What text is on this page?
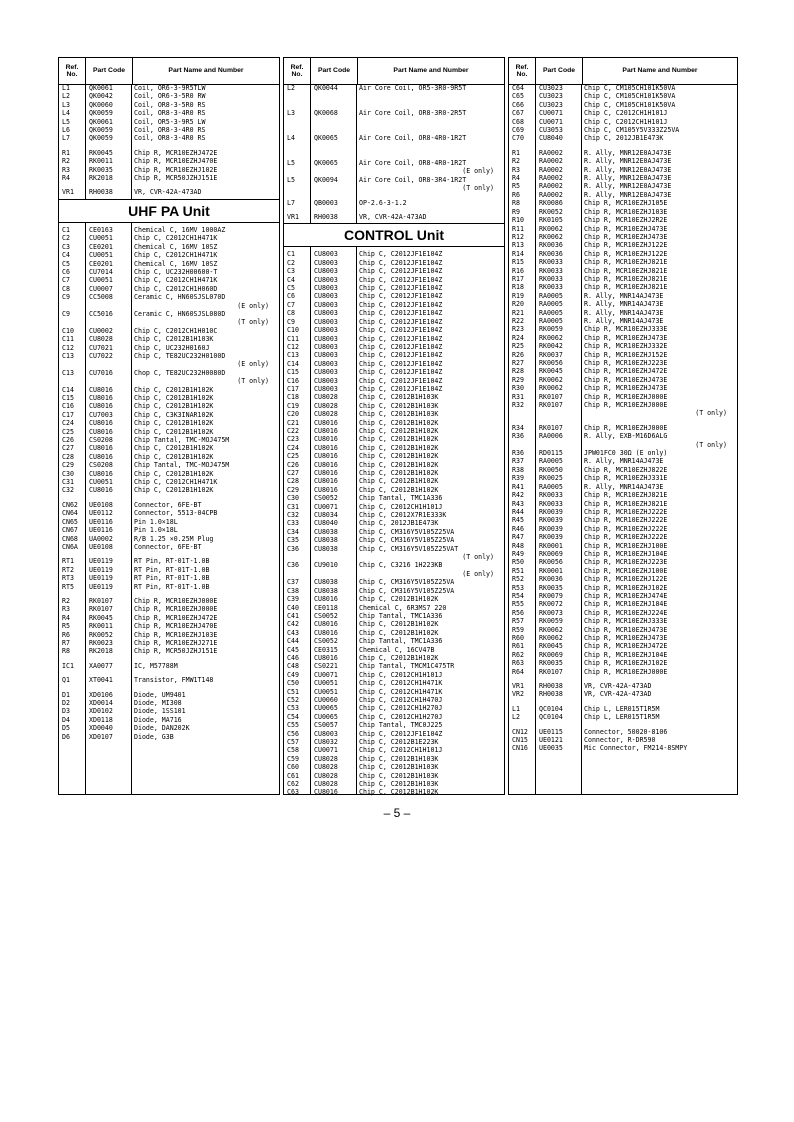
Ref.
No.
Part Code	Part Name and Number
L1	QK0061	Coil, OR6-3-9R5TLW
L2	QK0042	Coil, OR6-3-5R0 RW
L3	QK0060	Coil, OR8-3-5R0 RS
L4	QK0059	Coil, OR8-3-4R0 RS
L5	QK0061	Coil, OR5-3-9R5 LW
L6	QK0059	Coil, OR8-3-4R0 RS
L7	QK0059	Coil, OR8-3-4R0 RS
R1	RK0045	Chip R, MCR10EZHJ472E
R2	RK0011	Chip R, MCR10EZHJ470E
R3	RK0035	Chip R, MCR10EZHJ102E
R4	RK2018	Chip R, MCR50JZHJ151E
VR1	RH0038	VR, CVR-42A-473AD
UHF PA Unit
C1	CE0163	Chemical C, 16MV 1000AZ
C2	CU0051	Chip C, C2012CH1H471K
C3	CE0201	Chemical C, 16MV 10SZ
C4	CU0051	Chip C, C2012CH1H471K
C5	CE0201	Chemical C, 16MV 10SZ
C6	CU7014	Chip C, UC232H00600-T
C7	CU0051	Chip C, C2012CH1H471K
C8	CU0007	Chip C, C2012CH1H060D
C9	CC5008	Ceramic C, HN60SJSL070D
(E only)
C9	CC5016	Ceramic C, HN60SJSL080D
(T only)
C10	CU0002	Chip C, C2012CH1H010C
C11	CU8028	Chip C, C2012B1H103K
C12	CU7021	Chip C, UC232H0160J
C13	CU7022	Chip C, TE82UC232H0100D
(E only)
C13	CU7016	Chop C, TE82UC232H0080D
(T only)
C14	CU8016	Chip C, C2012B1H102K
C15	CU8016	Chip C, C2012B1H102K
C16	CU8016	Chip C, C2012B1H102K
C17	CU7003	Chip C, C3K3INAR102K
C24	CU8016	Chip C, C2012B1H102K
C25	CU8016	Chip C, C2012B1H102K
C26	CS0208	Chip Tantal, TMC-MOJ475M
C27	CU8016	Chip C, C2012B1H102K
C28	CU8016	Chip C, C2012B1H102K
C29	CS0208	Chip Tantal, TMC-MOJ475M
C30	CU8016	Chip C, C2012B1H102K
C31	CU0051	Chip C, C2012CH1H471K
C32	CU8016	Chip C, C2012B1H102K
CN62	UE0108	Connector, 6FE-BT
CN64	UE0112	Connector, 5513-04CPB
CN65	UE0116	Pin 1.0×18L
CN67	UE0116	Pin 1.0×18L
CN68	UA0002	R/B 1.25 ×0.25M Plug
CN6A	UE0108	Connector, 6FE-BT
RT1	UE0119	RT Pin, RT-01T-1.0B
RT2	UE0119	RT Pin, RT-01T-1.0B
RT3	UE0119	RT Pin, RT-01T-1.0B
RT5	UE0119	RT Pin, RT-01T-1.0B
R2	RK0107	Chip R, MCR10EZHJ000E
R3	RK0107	Chip R, MCR10EZHJ000E
R4	RK0045	Chip R, MCR10EZHJ472E
R5	RK0011	Chip R, MCR10EZHJ470E
R6	RK0052	Chip R, MCR10EZHJ103E
R7	RK0023	Chip R, MCR10EZHJ271E
R8	RK2018	Chip R, MCR50JZHJ151E
IC1	XA0077	IC, M57788M
Q1	XT0041	Transistor, FMW1T148
D1	XD0106	Diode, UM9401
D2	XD0014	Diode, MI308
D3	XD0102	Diode, 1SS101
D4	XD0118	Diode, MA716
D5	XD0040	Diode, DAN202K
D6	XD0107	Diode, G3B
Ref.
No.
Part Code	Part Name and Number
L2	QK0044	Air Core Coil, OR5-3R0-9R5T
L3	QK0068	Air Core Coil, OR8-3R0-2R5T
L4	QK0065	Air Core Coil, OR8-4R0-1R2T
L5	QK0065	Air Core Coil, OR8-4R0-1R2T
(E only)
L5	QK0094	Air Core Coil, OR8-3R4-1R2T
(T only)
L7	QB0003	OP-2.6-3-1.2
VR1	RH0038	VR, CVR-42A-473AD
CONTROL Unit
C1	CU8003	Chip C, C2012JF1E104Z
C2	CU8003	Chip C, C2012JF1E104Z
C3	CU8003	Chip C, C2012JF1E104Z
C4	CU8003	Chip C, C2012JF1E104Z
C5	CU8003	Chip C, C2012JF1E104Z
C6	CU8003	Chip C, C2012JF1E104Z
C7	CU8003	Chip C, C2012JF1E104Z
C8	CU8003	Chip C, C2012JF1E104Z
C9	CU8003	Chip C, C2012JF1E104Z
C10	CU8003	Chip C, C2012JF1E104Z
C11	CU8003	Chip C, C2012JF1E104Z
C12	CU8003	Chip C, C2012JF1E104Z
C13	CU8003	Chip C, C2012JF1E104Z
C14	CU8003	Chip C, C2012JF1E104Z
C15	CU8003	Chip C, C2012JF1E104Z
C16	CU8003	Chip C, C2012JF1E104Z
C17	CU8003	Chip C, C2012JF1E104Z
C18	CU8028	Chip C, C2012B1H103K
C19	CU8028	Chip C, C2012B1H103K
C20	CU8028	Chip C, C2012B1H103K
C21	CU8016	Chip C, C2012B1H102K
C22	CU8016	Chip C, C2012B1H102K
C23	CU8016	Chip C, C2012B1H102K
C24	CU8016	Chip C, C2012B1H102K
C25	CU8016	Chip C, C2012B1H102K
C26	CU8016	Chip C, C2012B1H102K
C27	CU8016	Chip C, C2012B1H102K
C28	CU8016	Chip C, C2012B1H102K
C29	CU8016	Chip C, C2012B1H102K
C30	CS0052	Chip Tantal, TMC1A336
C31	CU0071	Chip C, C2012CH1H101J
C32	CU8034	Chip C, C2012X7R1E333K
C33	CU8040	Chip C, 2012JB1E473K
C34	CU8038	Chip C, CM316Y5V105Z25VA
C35	CU8038	Chip C, CM316Y5V105Z25VA
C36	CU8038	Chip C, CM316Y5V105Z25VAT
(T only)
C36	CU9010	Chip C, C3216 1H223KB
(E only)
C37	CU8038	Chip C, CM316Y5V105Z25VA
C38	CU8038	Chip C, CM316Y5V105Z25VA
C39	CU8016	Chip C, C2012B1H102K
C40	CE0118	Chemical C, 6R3MS7 220
C41	CS0052	Chip Tantal, TMC1A336
C42	CU8016	Chip C, C2012B1H102K
C43	CU8016	Chip C, C2012B1H102K
C44	CS0052	Chip Tantal, TMC1A336
C45	CE0315	Chemical C, 16CV47B
C46	CU8016	Chip C, C2012B1H102K
C48	CS0221	Chip Tantal, TMCM1C475TR
C49	CU0071	Chip C, C2012CH1H101J
C50	CU0051	Chip C, C2012CH1H471K
C51	CU0051	Chip C, C2012CH1H471K
C52	CU0060	Chip C, C2012CH1H470J
C53	CU0065	Chip C, C2012CH1H270J
C54	CU0065	Chip C, C2012CH1H270J
C55	CS0057	Chip Tantal, TMC0J225
C56	CU8003	Chip C, C2012JF1E104Z
C57	CU8032	Chip C, C2012B1E223K
C58	CU0071	Chip C, C2012CH1H101J
C59	CU8028	Chip C, C2012B1H103K
C60	CU8028	Chip C, C2012B1H103K
C61	CU8028	Chip C, C2012B1H103K
C62	CU8028	Chip C, C2012B1H103K
C63	CU8016	Chip C, C2012B1H102K
Ref.
No.
Part Code	Part Name and Number
C64	CU3023	Chip C, CM105CH101K50VA
C65	CU3023	Chip C, CM105CH101K50VA
C66	CU3023	Chip C, CM105CH101K50VA
C67	CU0071	Chip C, C2012CH1H101J
C68	CU0071	Chip C, C2012CH1H101J
C69	CU3053	Chip C, CM105Y5V333Z25VA
C70	CU8040	Chip C, 2012JB1E473K
R1	RA0002	R. Ally, MNR12E0AJ473E
R2	RA0002	R. Ally, MNR12E0AJ473E
R3	RA0002	R. Ally, MNR12E0AJ473E
R4	RA0002	R. Ally, MNR12E0AJ473E
R5	RA0002	R. Ally, MNR12E0AJ473E
R6	RA0002	R. Ally, MNR12E0AJ473E
R8	RK0086	Chip R, MCR10EZHJ105E
R9	RK0052	Chip R, MCR10EZHJ103E
R10	RK0105	Chip R, MCR10EZHJ2R2E
R11	RK0062	Chip R, MCR10EZHJ473E
R12	RK0062	Chip R, MCR10EZHJ473E
R13	RK0036	Chip R, MCR10EZHJ122E
R14	RK0036	Chip R, MCR10EZHJ122E
R15	RK0033	Chip R, MCR10EZHJ821E
R16	RK0033	Chip R, MCR10EZHJ821E
R17	RK0033	Chip R, MCR10EZHJ821E
R18	RK0033	Chip R, MCR10EZHJ821E
R19	RA0005	R. Ally, MNR14AJ473E
R20	RA0005	R. Ally, MNR14AJ473E
R21	RA0005	R. Ally, MNR14AJ473E
R22	RA0005	R. Ally, MNR14AJ473E
R23	RK0059	Chip R, MCR10EZHJ333E
R24	RK0062	Chip R, MCR10EZHJ473E
R25	RK0042	Chip R, MCR10EZHJ332E
R26	RK0037	Chip R, MCR10EZHJ152E
R27	RK0056	Chip R, MCR10EZHJ223E
R28	RK0045	Chip R, MCR10EZHJ472E
R29	RK0062	Chip R, MCR10EZHJ473E
R30	RK0062	Chip R, MCR10EZHJ473E
R31	RK0107	Chip R, MCR10EZHJ000E
R32	RK0107	Chip R, MCR10EZHJ000E
(T only)
R34	RK0107	Chip R, MCR10EZHJ000E
R36	RA0006	R. Ally, EXB-M16D6ALG
(T only)
R36	RD0115	JPW01FC0 30Ω (E only)
R37	RA0005	R. Ally, MNR14AJ473E
R38	RK0050	Chip R, MCR10EZHJ822E
R39	RK0025	Chip R, MCR10EZHJ331E
R41	RA0005	R. Ally, MNR14AJ473E
R42	RK0033	Chip R, MCR10EZHJ821E
R43	RK0033	Chip R, MCR10EZHJ821E
R44	RK0039	Chip R, MCR10EZHJ222E
R45	RK0039	Chip R, MCR10EZHJ222E
R46	RK0039	Chip R, MCR10EZHJ222E
R47	RK0039	Chip R, MCR10EZHJ222E
R48	RK0001	Chip R, MCR10EZHJ100E
R49	RK0069	Chip R, MCR10EZHJ104E
R50	RK0056	Chip R, MCR10EZHJ223E
R51	RK0001	Chip R, MCR10EZHJ100E
R52	RK0036	Chip R, MCR10EZHJ122E
R53	RK0035	Chip R, MCR10EZHJ102E
R54	RK0079	Chip R, MCR10EZHJ474E
R55	RK0072	Chip R, MCR10EZHJ184E
R56	RK0073	Chip R, MCR10EZHJ224E
R57	RK0059	Chip R, MCR10EZHJ333E
R59	RK0062	Chip R, MCR10EZHJ473E
R60	RK0062	Chip R, MCR10EZHJ473E
R61	RK0045	Chip R, MCR10EZHJ472E
R62	RK0069	Chip R, MCR10EZHJ104E
R63	RK0035	Chip R, MCR10EZHJ102E
R64	RK0107	Chip R, MCR10EZHJ000E
VR1	RH0038	VR, CVR-42A-473AD
VR2	RH0038	VR, CVR-42A-473AD
L1	QC0104	Chip L, LER015T1R5M
L2	QC0104	Chip L, LER015T1R5M
CN12	UE0115	Connector, 50020-8106
CN15	UE0121	Connector, R-DR590
CN16	UE0035	Mic Connector, FM214-8SMPY
– 5 –
